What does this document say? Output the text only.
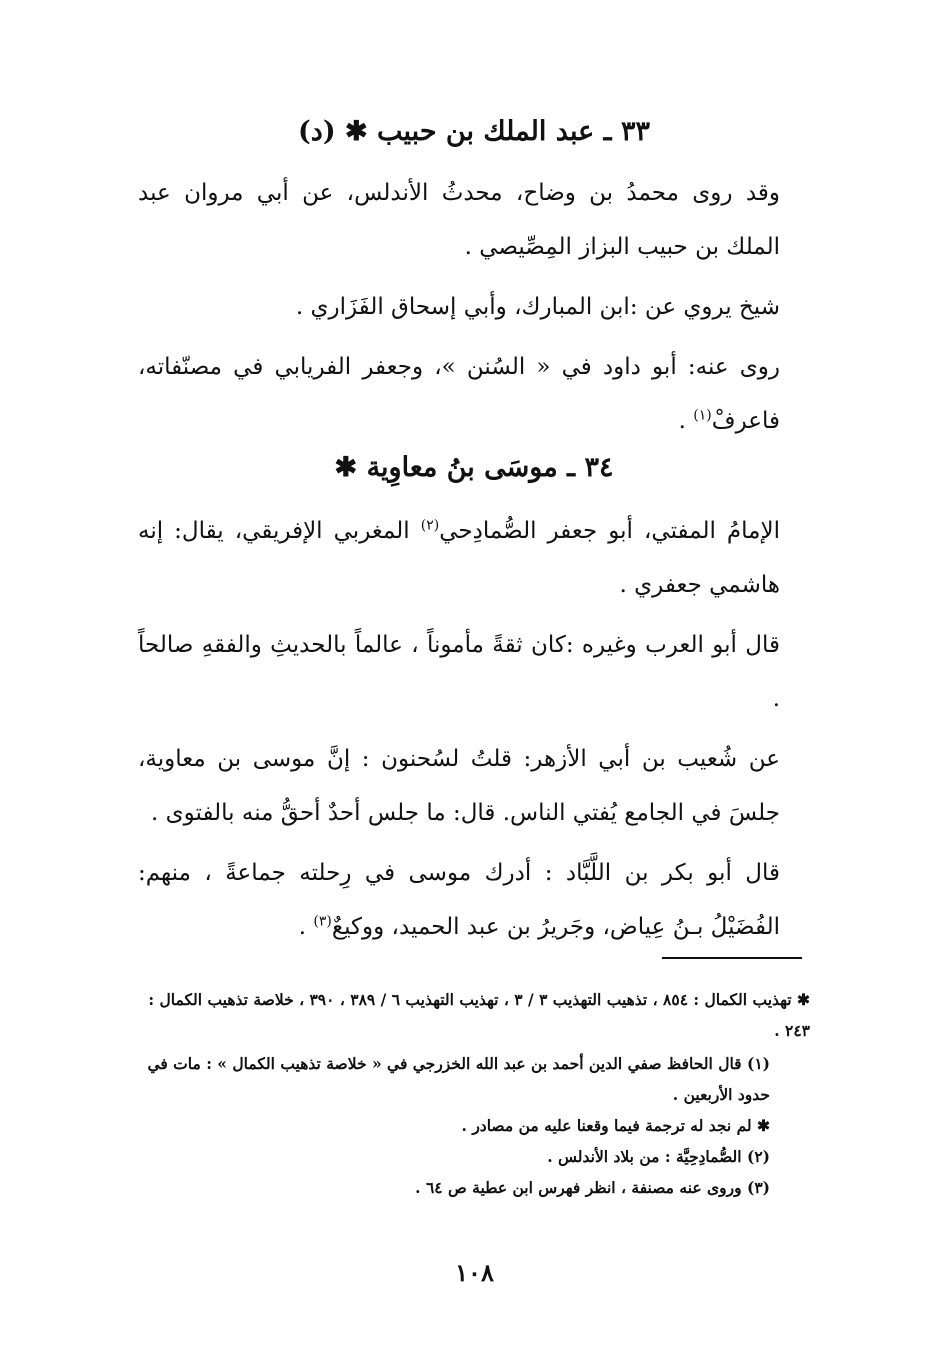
٣٣ ـ عبد الملك بن حبيب ✱ (د)

وقد روى محمدُ بن وضاح، محدثُ الأندلس، عن أبي مروان عبد الملك بن حبيب البزاز المِصِّيصي .

شيخ يروي عن :ابن المبارك، وأبي إسحاق الفَزَاري .

روى عنه: أبو داود في « السُنن »، وجعفر الفريابي في مصنّفاته، فاعرفْ$^{(١)}$ .

٣٤ ـ موسَى بنُ معاوِية ✱

الإمامُ المفتي، أبو جعفر الصُّمادِحي$^{(٢)}$ المغربي الإفريقي، يقال: إنه هاشمي جعفري .

قال أبو العرب وغيره :كان ثقةً مأموناً ، عالماً بالحديثِ والفقهِ صالحاً .

عن شُعيب بن أبي الأزهر: قلتُ لسُحنون : إنَّ موسى بن معاوية، جلسَ في الجامع يُفتي الناس. قال: ما جلس أحدٌ أحقُّ منه بالفتوى .

قال أبو بكر بن اللَّبَّاد : أدرك موسى في رِحلته جماعةً ، منهم: الفُضَيْلُ بـنُ عِياض، وجَريرُ بن عبد الحميد، ووكيعٌ$^{(٣)}$ .

✱ تهذيب الكمال : ٨٥٤ ، تذهيب التهذيب ٣ / ٣ ، تهذيب التهذيب ٦ / ٣٨٩ ، ٣٩٠ ، خلاصة تذهيب الكمال : ٢٤٣ .

(١) قال الحافظ صفي الدين أحمد بن عبد الله الخزرجي في « خلاصة تذهيب الكمال » : مات في حدود الأربعين .

✱ لم نجد له ترجمة فيما وقعنا عليه من مصادر .

(٢) الصُّمادِحِيَّة : من بلاد الأندلس .

(٣) وروى عنه مصنفة ، انظر فهرس ابن عطية ص ٦٤ .

١٠٨
